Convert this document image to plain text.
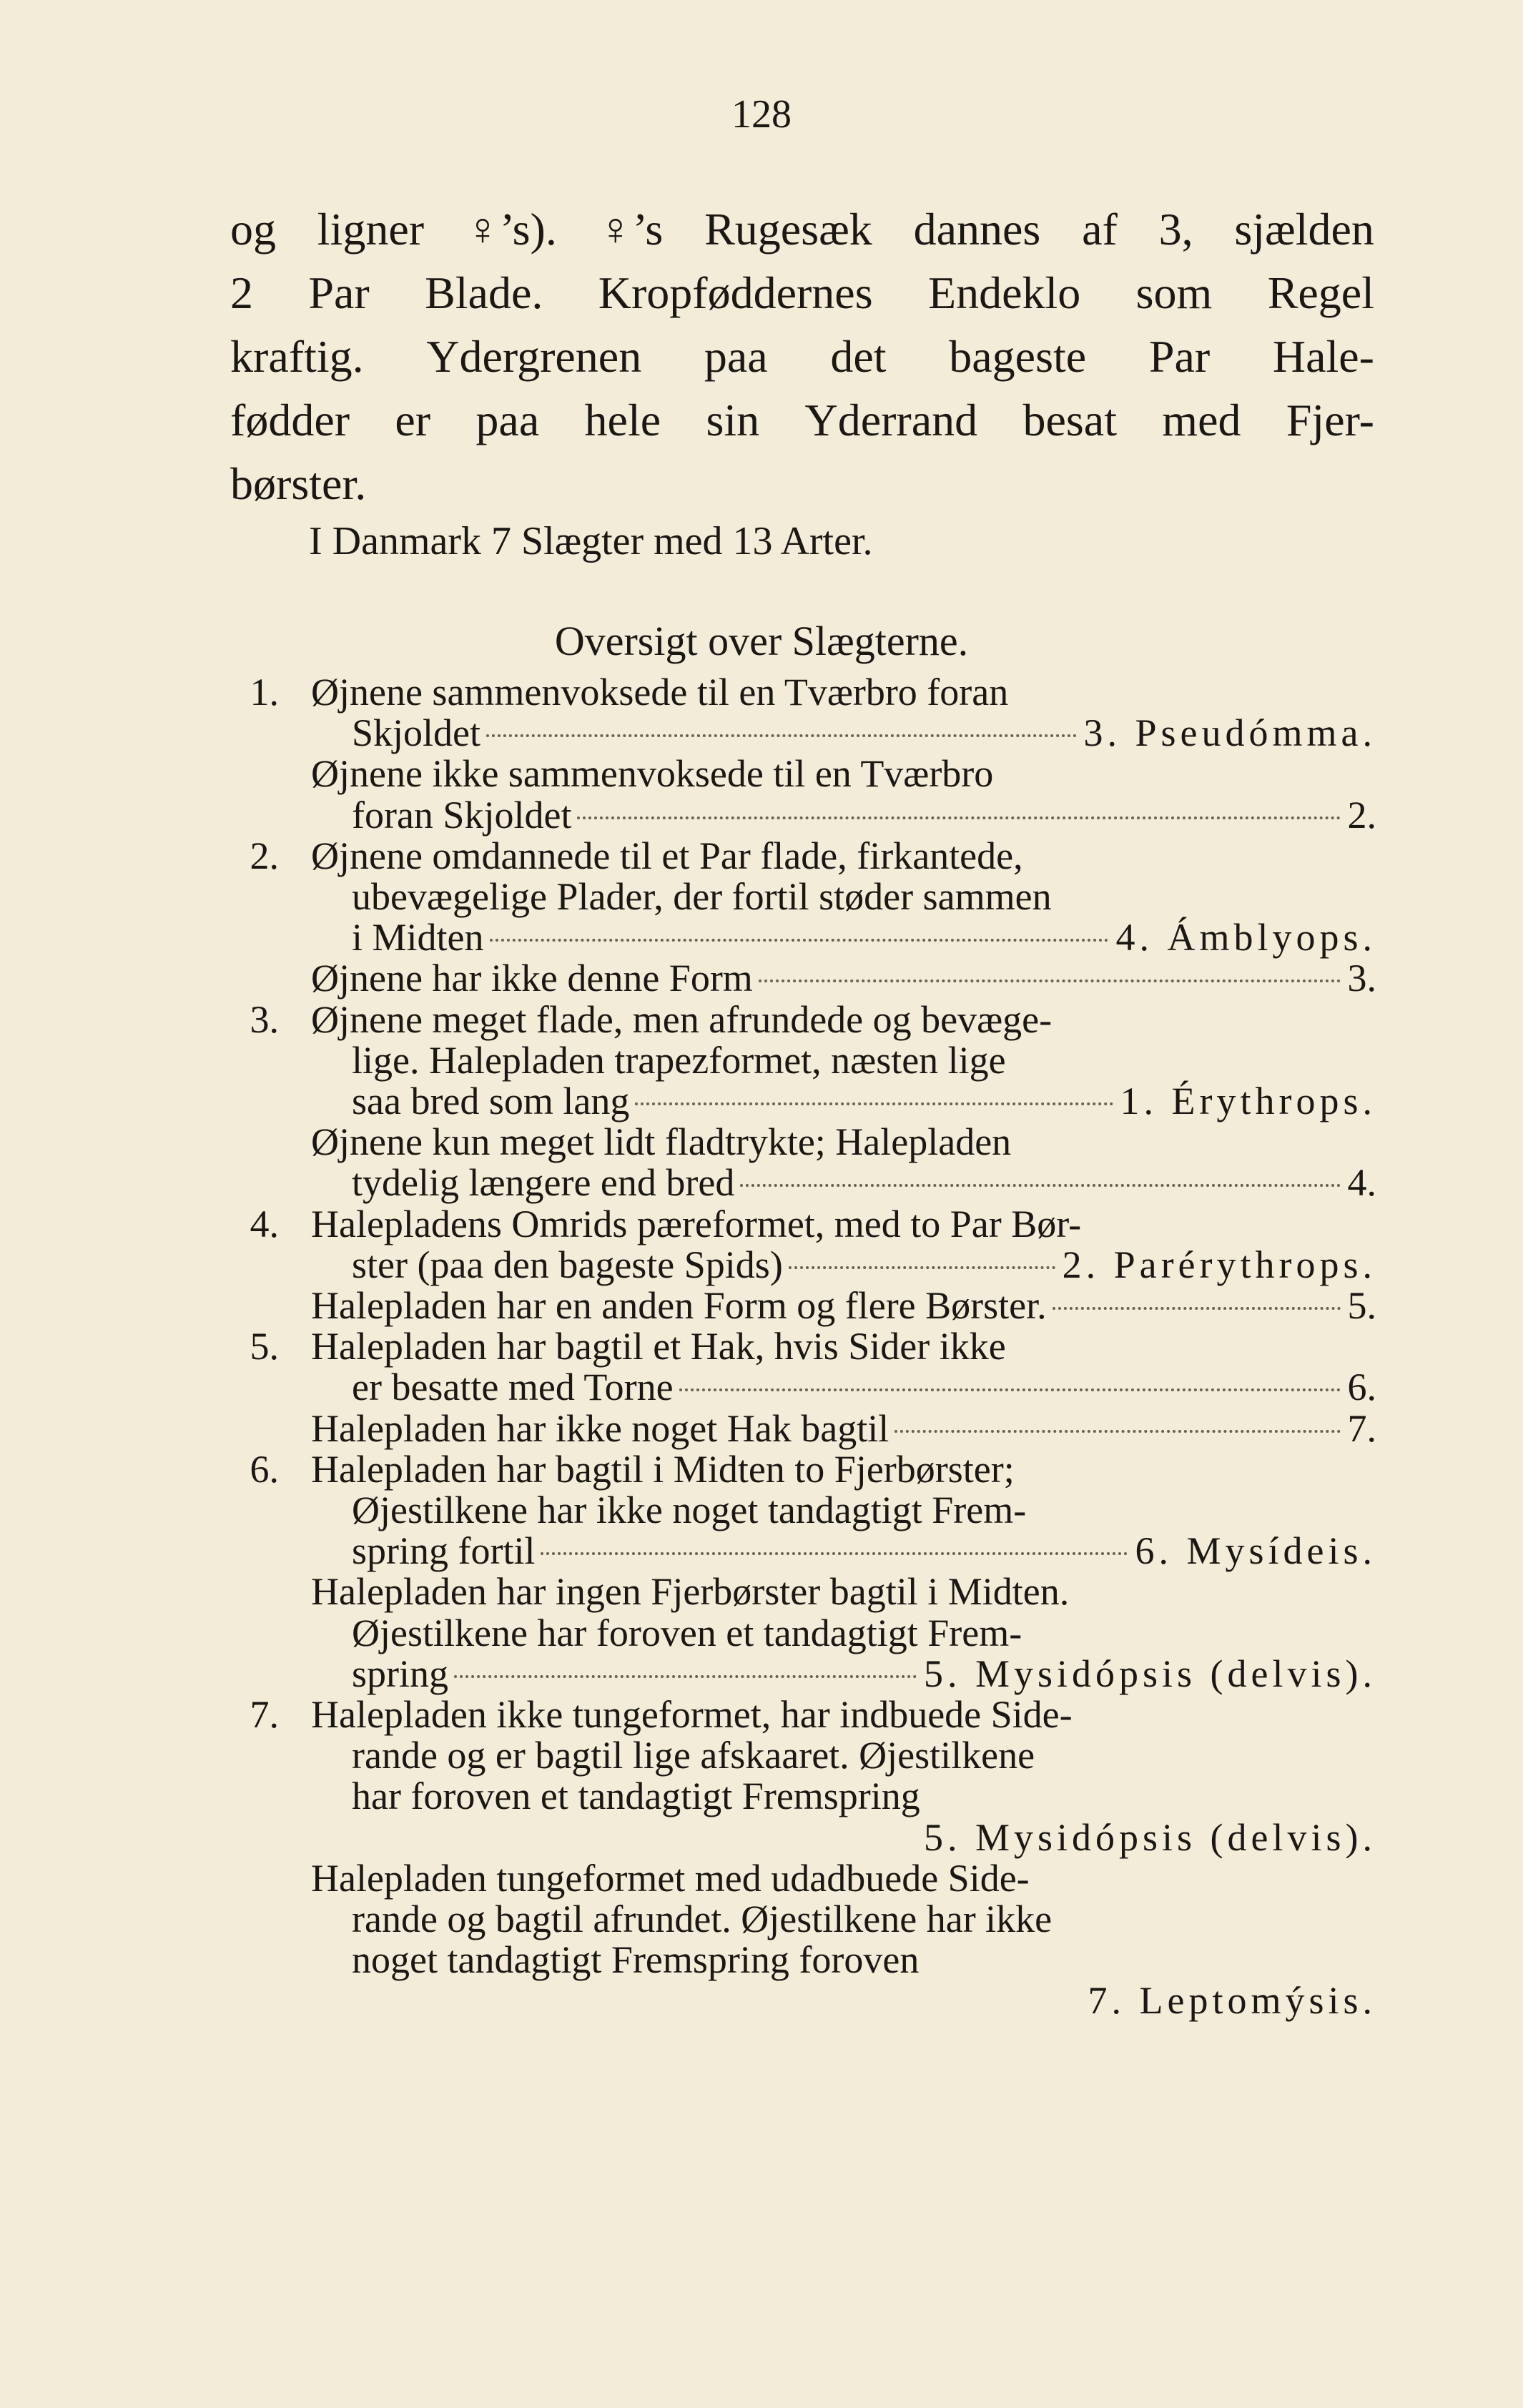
128
og ligner ♀’s). ♀’s Rugesæk dannes af 3, sjælden
2 Par Blade. Kropføddernes Endeklo som Regel
kraftig. Ydergrenen paa det bageste Par Hale-
fødder er paa hele sin Yderrand besat med Fjer-
børster.
I Danmark 7 Slægter med 13 Arter.
Oversigt over Slægterne.
1. Øjnene sammenvoksede til en Tværbro foran
Skjoldet	3. Pseudómma.
Øjnene ikke sammenvoksede til en Tværbro
foran Skjoldet	2.
2. Øjnene omdannede til et Par flade, firkantede,
ubevægelige Plader, der fortil støder sammen
i Midten	4. Ámblyops.
Øjnene har ikke denne Form	3.
3. Øjnene meget flade, men afrundede og bevæge-
lige. Halepladen trapezformet, næsten lige
saa bred som lang	1. Érythrops.
Øjnene kun meget lidt fladtrykte; Halepladen
tydelig længere end bred	4.
4. Halepladens Omrids pæreformet, med to Par Bør-
ster (paa den bageste Spids)	2. Parérythrops.
Halepladen har en anden Form og flere Børster.	5.
5. Halepladen har bagtil et Hak, hvis Sider ikke
er besatte med Torne	6.
Halepladen har ikke noget Hak bagtil	7.
6. Halepladen har bagtil i Midten to Fjerbørster;
Øjestilkene har ikke noget tandagtigt Frem-
spring fortil	6. Mysídeis.
Halepladen har ingen Fjerbørster bagtil i Midten.
Øjestilkene har foroven et tandagtigt Frem-
spring	5. Mysidópsis (delvis).
7. Halepladen ikke tungeformet, har indbuede Side-
rande og er bagtil lige afskaaret. Øjestilkene
har foroven et tandagtigt Fremspring
5. Mysidópsis (delvis).
Halepladen tungeformet med udadbuede Side-
rande og bagtil afrundet. Øjestilkene har ikke
noget tandagtigt Fremspring foroven
7. Leptomýsis.
